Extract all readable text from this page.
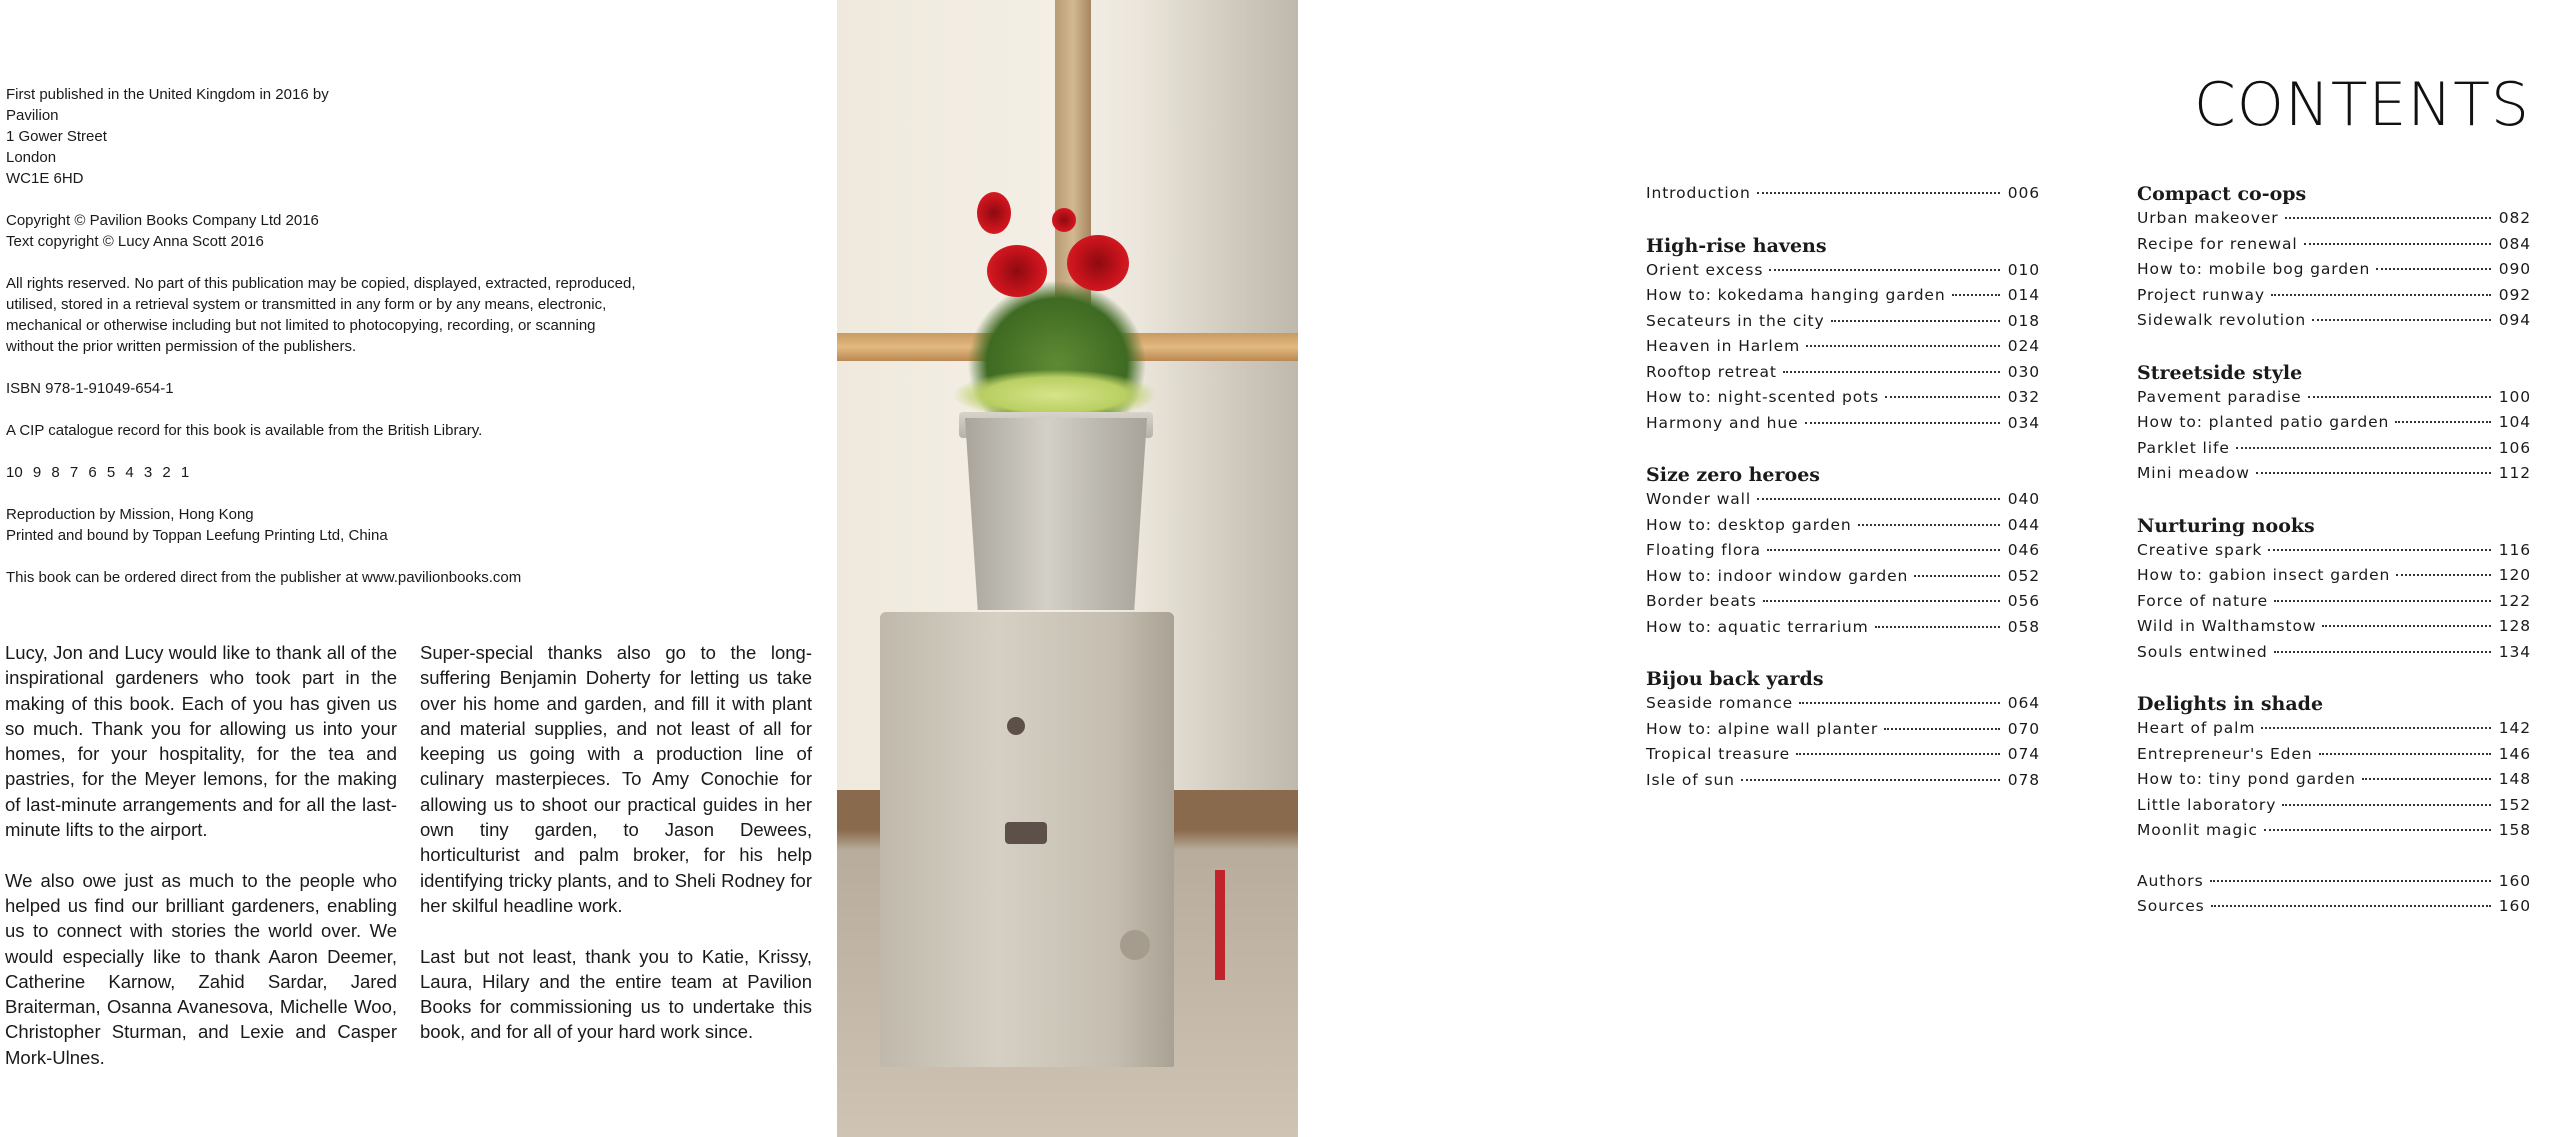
First published in the United Kingdom in 2016 by
Pavilion
1 Gower Street
London
WC1E 6HD

Copyright © Pavilion Books Company Ltd 2016
Text copyright © Lucy Anna Scott 2016

All rights reserved. No part of this publication may be copied, displayed, extracted, reproduced, utilised, stored in a retrieval system or transmitted in any form or by any means, electronic, mechanical or otherwise including but not limited to photocopying, recording, or scanning without the prior written permission of the publishers.

ISBN 978-1-91049-654-1

A CIP catalogue record for this book is available from the British Library.

10 9 8 7 6 5 4 3 2 1

Reproduction by Mission, Hong Kong
Printed and bound by Toppan Leefung Printing Ltd, China

This book can be ordered direct from the publisher at www.pavilionbooks.com

Lucy, Jon and Lucy would like to thank all of the inspirational gardeners who took part in the making of this book. Each of you has given us so much. Thank you for allowing us into your homes, for your hospitality, for the tea and pastries, for the Meyer lemons, for the making of last-minute arrangements and for all the last-minute lifts to the airport.

We also owe just as much to the people who helped us find our brilliant gardeners, enabling us to connect with stories the world over. We would especially like to thank Aaron Deemer, Catherine Karnow, Zahid Sardar, Jared Braiterman, Osanna Avanesova, Michelle Woo, Christopher Sturman, and Lexie and Casper Mork-Ulnes.

Super-special thanks also go to the long-suffering Benjamin Doherty for letting us take over his home and garden, and fill it with plant and material supplies, and not least of all for keeping us going with a production line of culinary masterpieces. To Amy Conochie for allowing us to shoot our practical guides in her own tiny garden, to Jason Dewees, horticulturist and palm broker, for his help identifying tricky plants, and to Sheli Rodney for her skilful headline work.

Last but not least, thank you to Katie, Krissy, Laura, Hilary and the entire team at Pavilion Books for commissioning us to undertake this book, and for all of your hard work since.

CONTENTS
Introduction	006
High-rise havens
Orient excess	010
How to: kokedama hanging garden	014
Secateurs in the city	018
Heaven in Harlem	024
Rooftop retreat	030
How to: night-scented pots	032
Harmony and hue	034
Size zero heroes
Wonder wall	040
How to: desktop garden	044
Floating flora	046
How to: indoor window garden	052
Border beats	056
How to: aquatic terrarium	058
Bijou back yards
Seaside romance	064
How to: alpine wall planter	070
Tropical treasure	074
Isle of sun	078
Compact co-ops
Urban makeover	082
Recipe for renewal	084
How to: mobile bog garden	090
Project runway	092
Sidewalk revolution	094
Streetside style
Pavement paradise	100
How to: planted patio garden	104
Parklet life	106
Mini meadow	112
Nurturing nooks
Creative spark	116
How to: gabion insect garden	120
Force of nature	122
Wild in Walthamstow	128
Souls entwined	134
Delights in shade
Heart of palm	142
Entrepreneur's Eden	146
How to: tiny pond garden	148
Little laboratory	152
Moonlit magic	158
Authors	160
Sources	160
